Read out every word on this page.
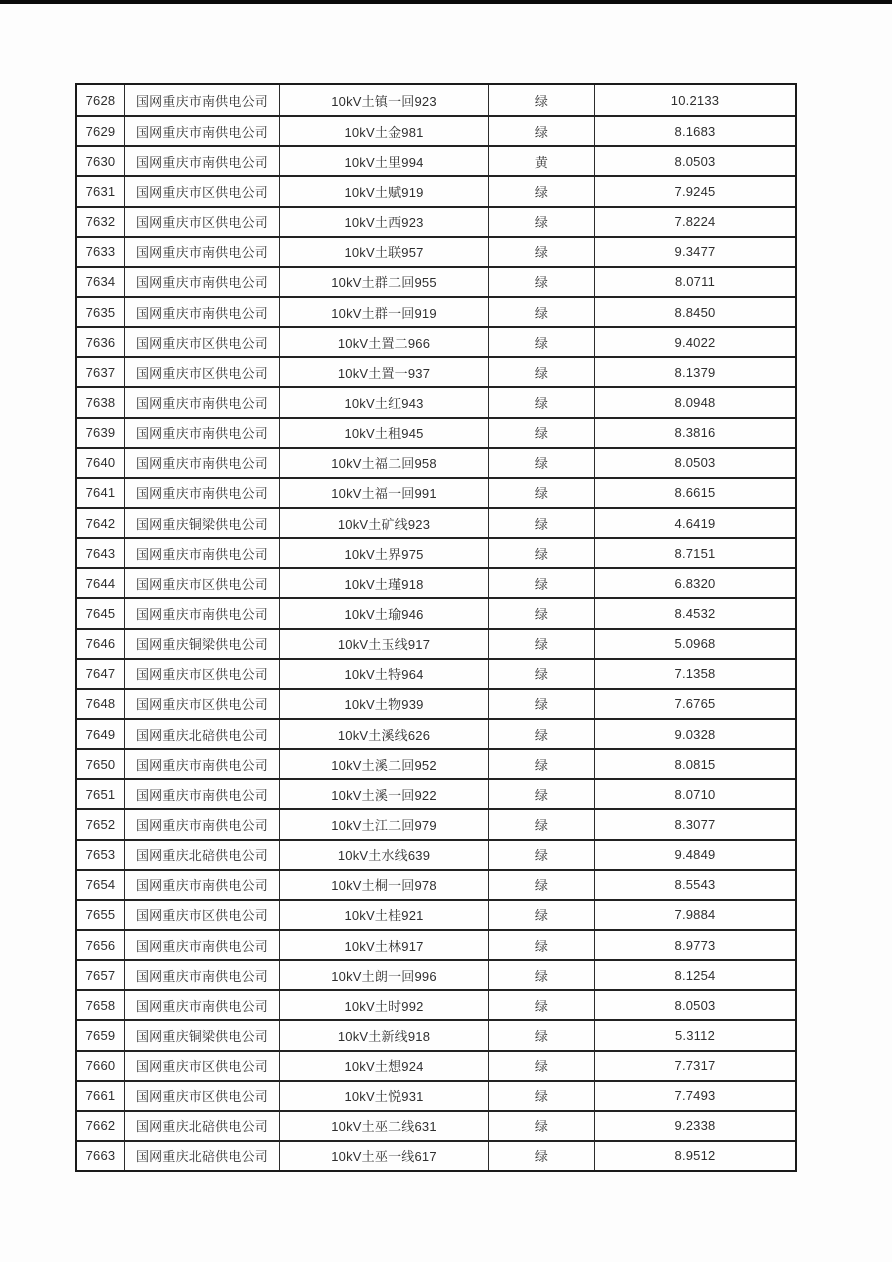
7628	国网重庆市南供电公司	10kV土镇一回923	绿	10.2133
7629	国网重庆市南供电公司	10kV土金981	绿	8.1683
7630	国网重庆市南供电公司	10kV土里994	黄	8.0503
7631	国网重庆市区供电公司	10kV土赋919	绿	7.9245
7632	国网重庆市区供电公司	10kV土西923	绿	7.8224
7633	国网重庆市南供电公司	10kV土联957	绿	9.3477
7634	国网重庆市南供电公司	10kV土群二回955	绿	8.0711
7635	国网重庆市南供电公司	10kV土群一回919	绿	8.8450
7636	国网重庆市区供电公司	10kV土置二966	绿	9.4022
7637	国网重庆市区供电公司	10kV土置一937	绿	8.1379
7638	国网重庆市南供电公司	10kV土红943	绿	8.0948
7639	国网重庆市南供电公司	10kV土租945	绿	8.3816
7640	国网重庆市南供电公司	10kV土福二回958	绿	8.0503
7641	国网重庆市南供电公司	10kV土福一回991	绿	8.6615
7642	国网重庆铜梁供电公司	10kV土矿线923	绿	4.6419
7643	国网重庆市南供电公司	10kV土界975	绿	8.7151
7644	国网重庆市区供电公司	10kV土瑾918	绿	6.8320
7645	国网重庆市南供电公司	10kV土瑜946	绿	8.4532
7646	国网重庆铜梁供电公司	10kV土玉线917	绿	5.0968
7647	国网重庆市区供电公司	10kV土特964	绿	7.1358
7648	国网重庆市区供电公司	10kV土物939	绿	7.6765
7649	国网重庆北碚供电公司	10kV土溪线626	绿	9.0328
7650	国网重庆市南供电公司	10kV土溪二回952	绿	8.0815
7651	国网重庆市南供电公司	10kV土溪一回922	绿	8.0710
7652	国网重庆市南供电公司	10kV土江二回979	绿	8.3077
7653	国网重庆北碚供电公司	10kV土水线639	绿	9.4849
7654	国网重庆市南供电公司	10kV土桐一回978	绿	8.5543
7655	国网重庆市区供电公司	10kV土桂921	绿	7.9884
7656	国网重庆市南供电公司	10kV土林917	绿	8.9773
7657	国网重庆市南供电公司	10kV土朗一回996	绿	8.1254
7658	国网重庆市南供电公司	10kV土时992	绿	8.0503
7659	国网重庆铜梁供电公司	10kV土新线918	绿	5.3112
7660	国网重庆市区供电公司	10kV土想924	绿	7.7317
7661	国网重庆市区供电公司	10kV土悦931	绿	7.7493
7662	国网重庆北碚供电公司	10kV土巫二线631	绿	9.2338
7663	国网重庆北碚供电公司	10kV土巫一线617	绿	8.9512
